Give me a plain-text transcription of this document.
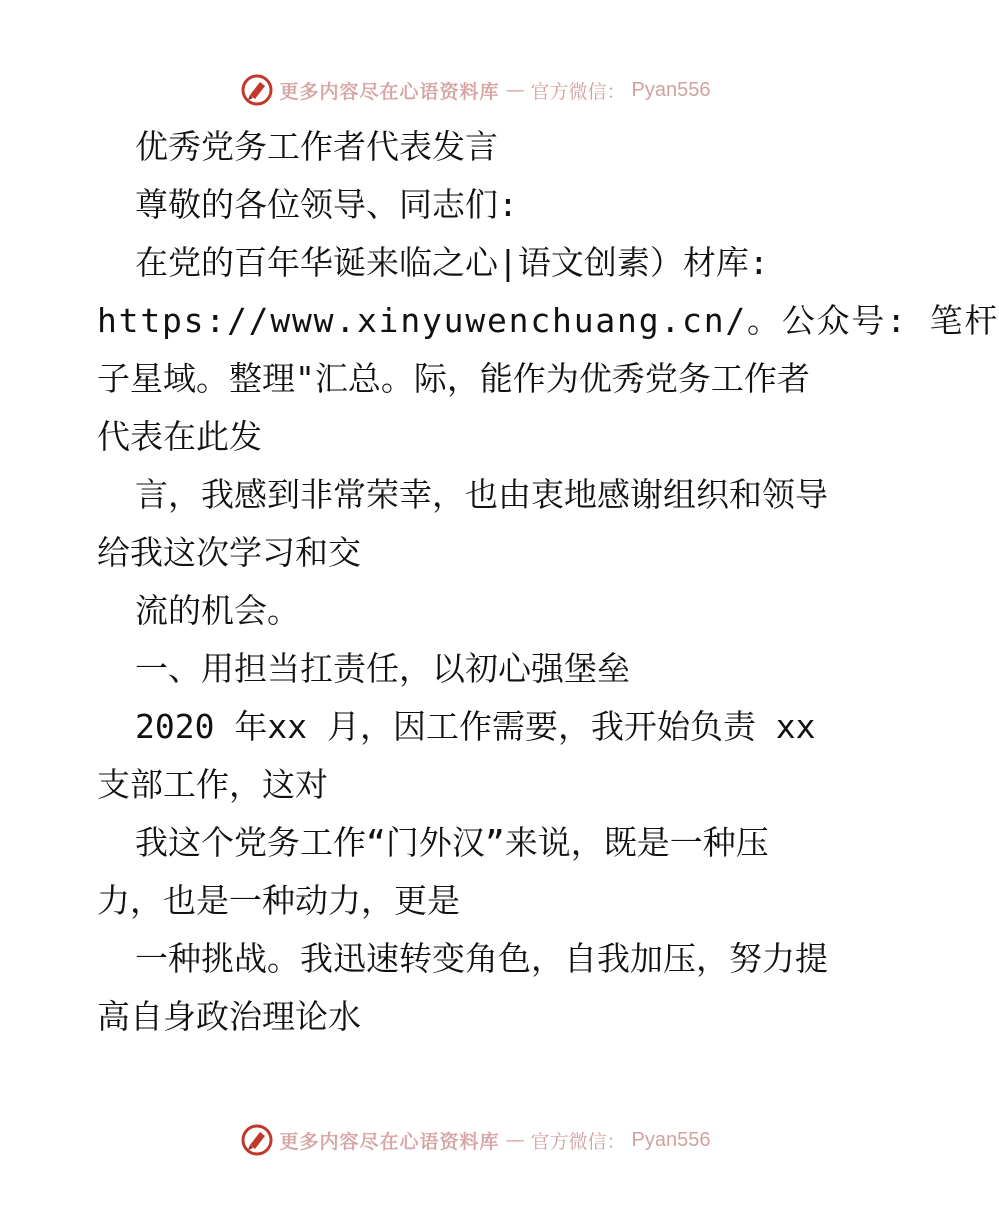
更多内容尽在心语资料库 — 官方微信： Pyan556
优秀党务工作者代表发言
尊敬的各位领导、同志们:
在党的百年华诞来临之心|语文创素）材库:
https://www.xinyuwenchuang.cn/。公众号: 笔杆
子星域。整理"汇总。际，能作为优秀党务工作者
代表在此发
言，我感到非常荣幸，也由衷地感谢组织和领导
给我这次学习和交
流的机会。
一、用担当扛责任，以初心强堡垒
2020 年xx 月，因工作需要，我开始负责 xx
支部工作，这对
我这个党务工作“门外汉”来说，既是一种压
力，也是一种动力，更是
一种挑战。我迅速转变角色，自我加压，努力提
高自身政治理论水
更多内容尽在心语资料库 — 官方微信： Pyan556
